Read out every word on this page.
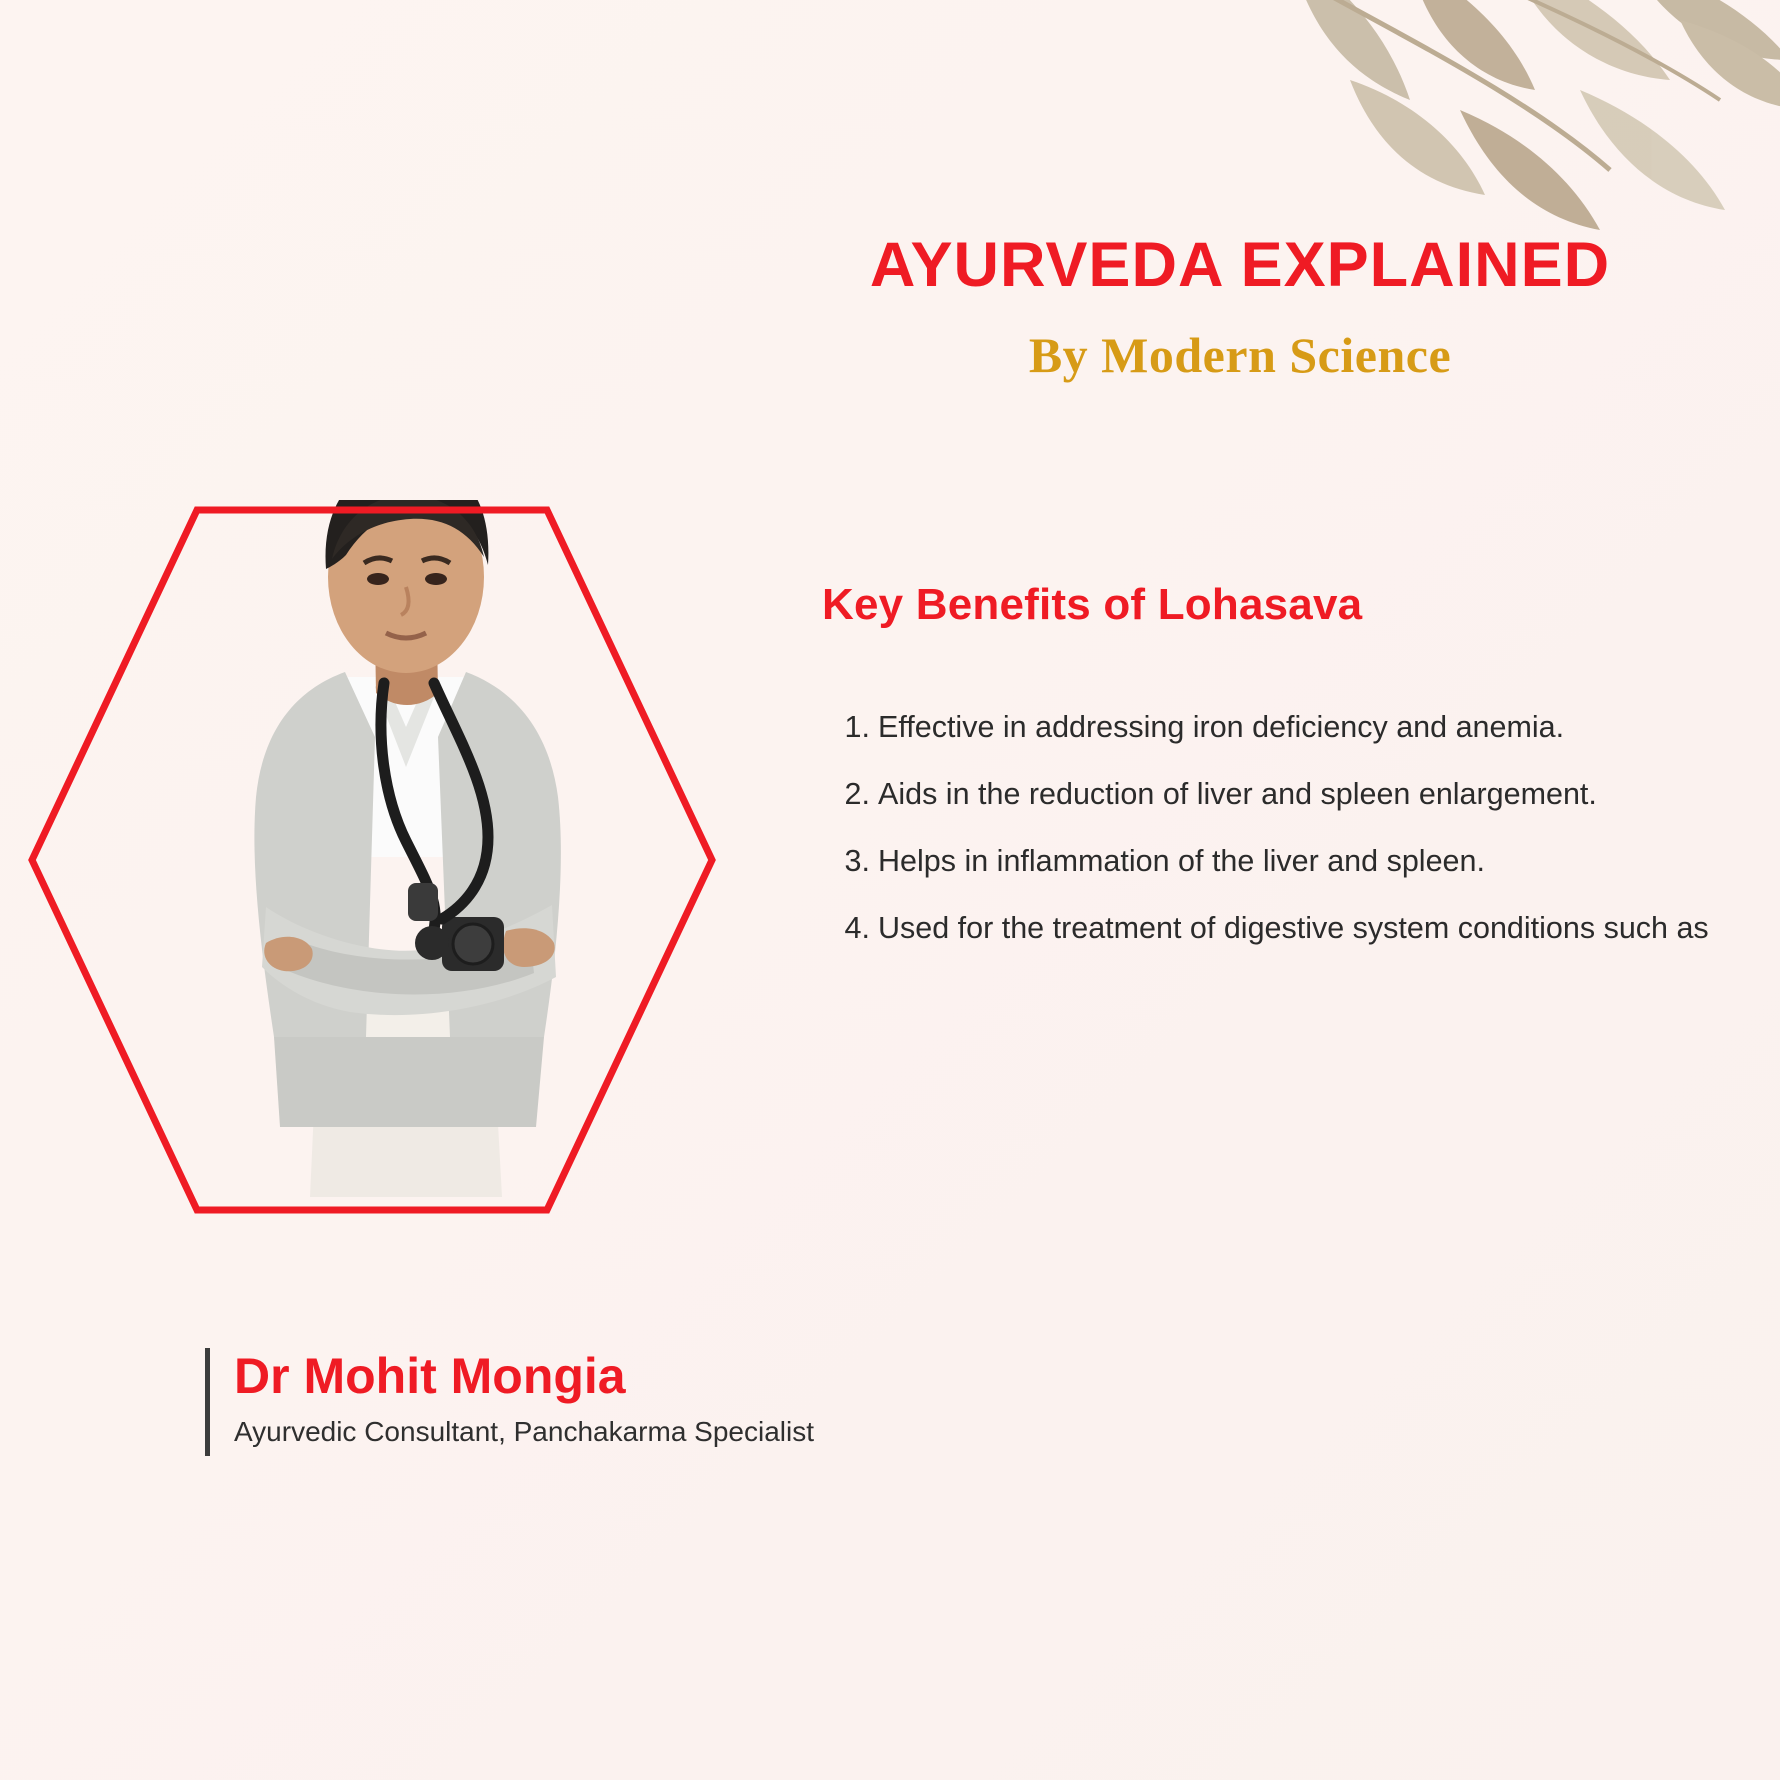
AYURVEDA EXPLAINED
By Modern Science
Key Benefits of Lohasava
Effective in addressing iron deficiency and anemia.
Aids in the reduction of liver and spleen enlargement.
Helps in inflammation of the liver and spleen.
Used for the treatment of digestive system conditions such as
Dr Mohit Mongia
Ayurvedic Consultant, Panchakarma Specialist
